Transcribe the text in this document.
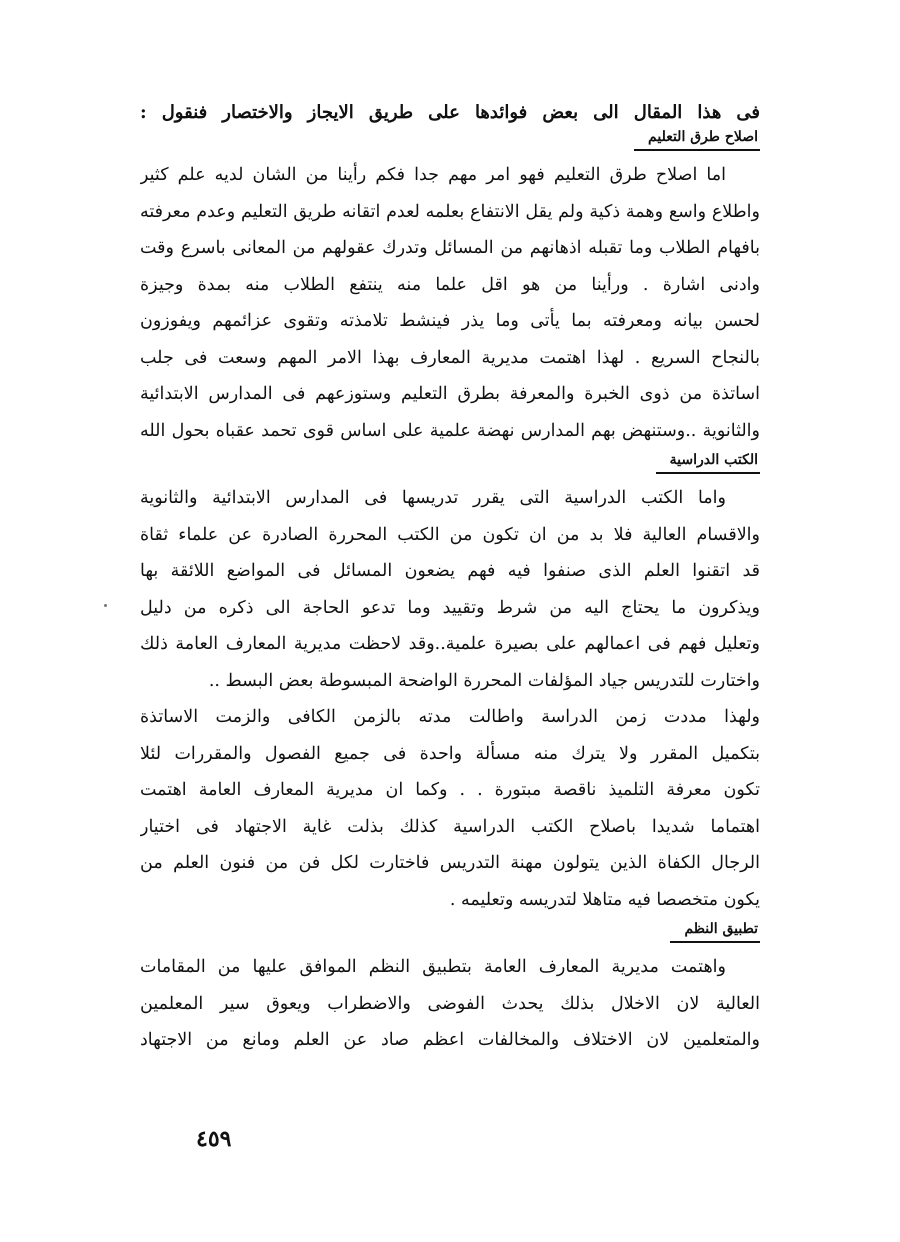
فى هذا المقال الى بعض فوائدها على طريق الايجاز والاختصار فنقول :

اصلاح طرق التعليم

اما اصلاح طرق التعليم فهو امر مهم جدا فكم رأينا من الشان لديه علم كثير
واطلاع واسع وهمة ذكية ولم يقل الانتفاع بعلمه لعدم اتقانه طريق التعليم وعدم معرفته
بافهام الطلاب وما تقبله اذهانهم من المسائل وتدرك عقولهم من المعانى باسرع وقت
وادنى اشارة . ورأينا من هو اقل علما منه ينتفع الطلاب منه بمدة وجيزة
لحسن بيانه ومعرفته بما يأتى وما يذر فينشط تلامذته وتقوى عزائمهم ويفوزون
بالنجاح السريع . لهذا اهتمت مديرية المعارف بهذا الامر المهم وسعت فى جلب
اساتذة من ذوى الخبرة والمعرفة بطرق التعليم وستوزعهم فى المدارس الابتدائية
والثانوية ..وستنهض بهم المدارس نهضة علمية على اساس قوى تحمد عقباه بحول الله

الكتب الدراسية

واما الكتب الدراسية التى يقرر تدريسها فى المدارس الابتدائية والثانوية
والاقسام العالية فلا بد من ان تكون من الكتب المحررة الصادرة عن علماء ثقاة
قد اتقنوا العلم الذى صنفوا فيه فهم يضعون المسائل فى المواضع اللائقة بها
ويذكرون ما يحتاج اليه من شرط وتقييد وما تدعو الحاجة الى ذكره من دليل
وتعليل فهم فى اعمالهم على بصيرة علمية..وقد لاحظت مديرية المعارف العامة ذلك
واختارت للتدريس جياد المؤلفات المحررة الواضحة المبسوطة بعض البسط ..
ولهذا مددت زمن الدراسة واطالت مدته بالزمن الكافى والزمت الاساتذة
بتكميل المقرر ولا يترك منه مسألة واحدة فى جميع الفصول والمقررات لئلا
تكون معرفة التلميذ ناقصة مبتورة . . وكما ان مديرية المعارف العامة اهتمت
اهتماما شديدا باصلاح الكتب الدراسية كذلك بذلت غاية الاجتهاد فى اختيار
الرجال الكفاة الذين يتولون مهنة التدريس فاختارت لكل فن من فنون العلم من
يكون متخصصا فيه متاهلا لتدريسه وتعليمه .

تطبيق النظم

واهتمت مديرية المعارف العامة بتطبيق النظم الموافق عليها من المقامات
العالية لان الاخلال بذلك يحدث الفوضى والاضطراب ويعوق سير المعلمين
والمتعلمين لان الاختلاف والمخالفات اعظم صاد عن العلم ومانع من الاجتهاد

٤٥٩
